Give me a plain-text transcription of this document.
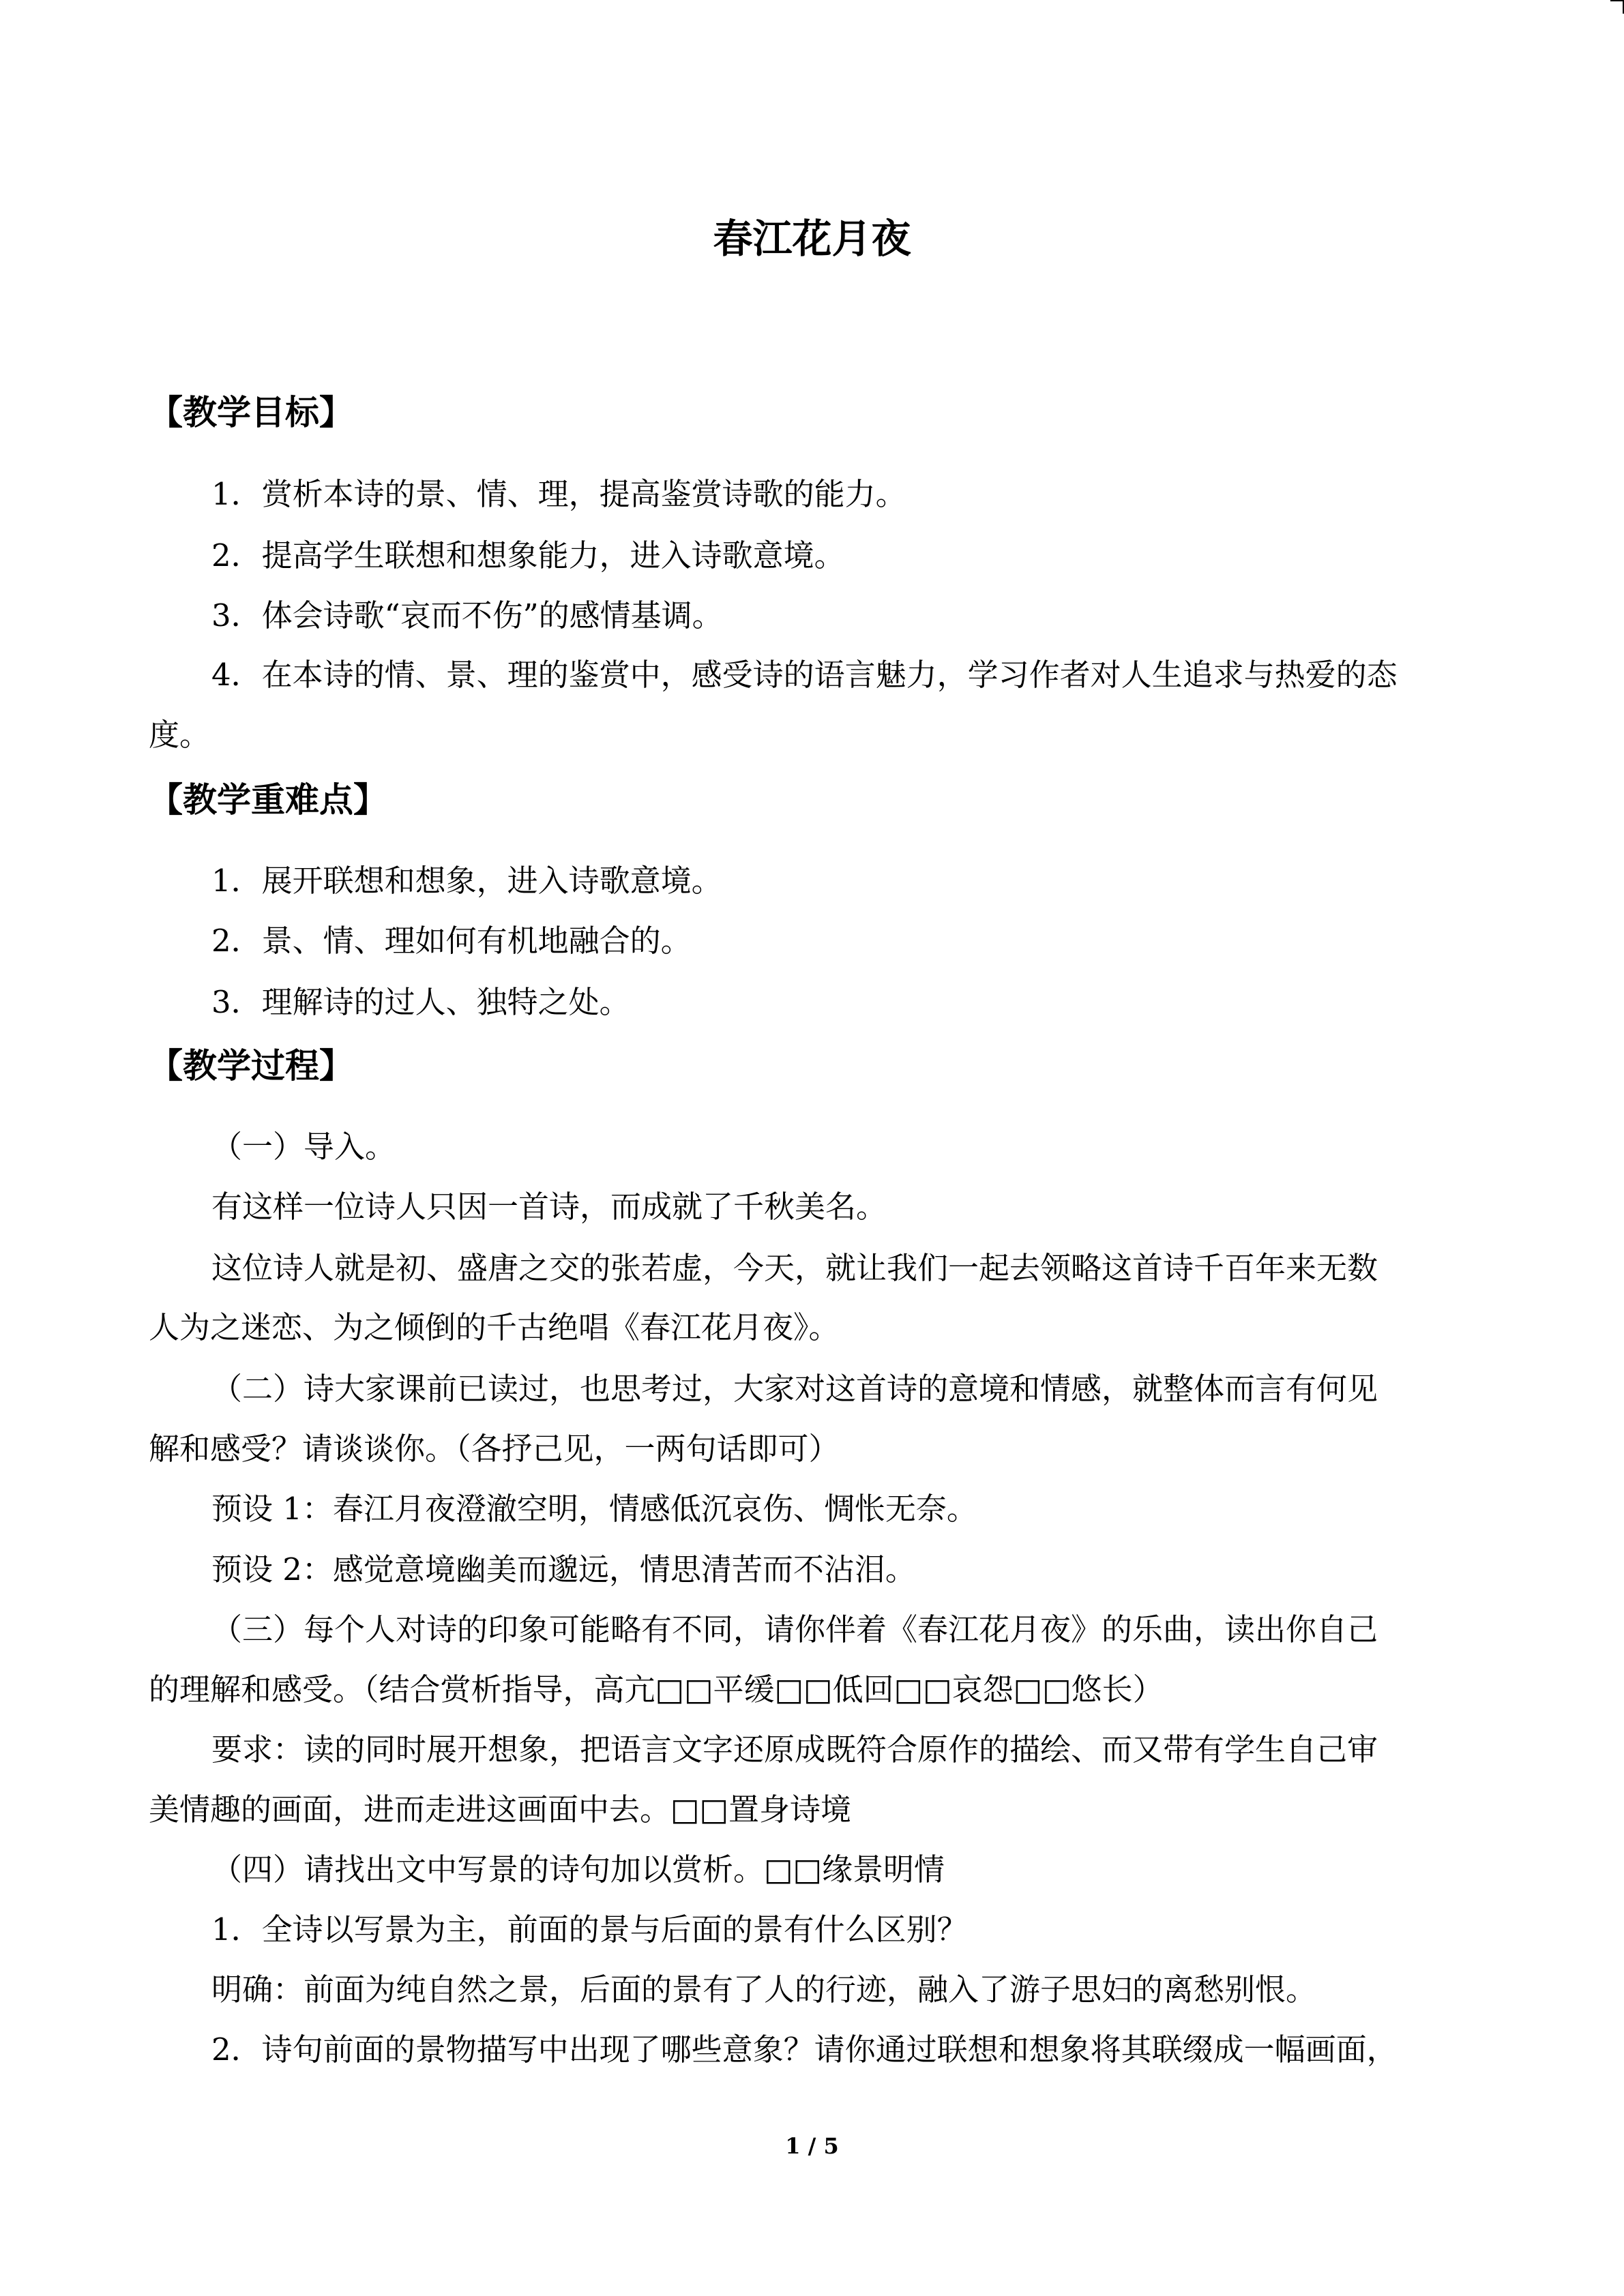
春江花月夜
【教学目标】
1．赏析本诗的景、情、理，提高鉴赏诗歌的能力。
2．提高学生联想和想象能力，进入诗歌意境。
3．体会诗歌“哀而不伤”的感情基调。
4．在本诗的情、景、理的鉴赏中，感受诗的语言魅力，学习作者对人生追求与热爱的态
度。
【教学重难点】
1．展开联想和想象，进入诗歌意境。
2．景、情、理如何有机地融合的。
3．理解诗的过人、独特之处。
【教学过程】
（一）导入。
有这样一位诗人只因一首诗，而成就了千秋美名。
这位诗人就是初、盛唐之交的张若虚，今天，就让我们一起去领略这首诗千百年来无数
人为之迷恋、为之倾倒的千古绝唱《春江花月夜》。
（二）诗大家课前已读过，也思考过，大家对这首诗的意境和情感，就整体而言有何见
解和感受？请谈谈你。（各抒己见，一两句话即可）
预设 1：春江月夜澄澈空明，情感低沉哀伤、惆怅无奈。
预设 2：感觉意境幽美而邈远，情思清苦而不沾泪。
（三）每个人对诗的印象可能略有不同，请你伴着《春江花月夜》的乐曲，读出你自己
的理解和感受。（结合赏析指导，高亢□□平缓□□低回□□哀怨□□悠长）
要求：读的同时展开想象，把语言文字还原成既符合原作的描绘、而又带有学生自己审
美情趣的画面，进而走进这画面中去。□□置身诗境
（四）请找出文中写景的诗句加以赏析。□□缘景明情
1．全诗以写景为主，前面的景与后面的景有什么区别？
明确：前面为纯自然之景，后面的景有了人的行迹，融入了游子思妇的离愁别恨。
2．诗句前面的景物描写中出现了哪些意象？请你通过联想和想象将其联缀成一幅画面，
1 / 5
